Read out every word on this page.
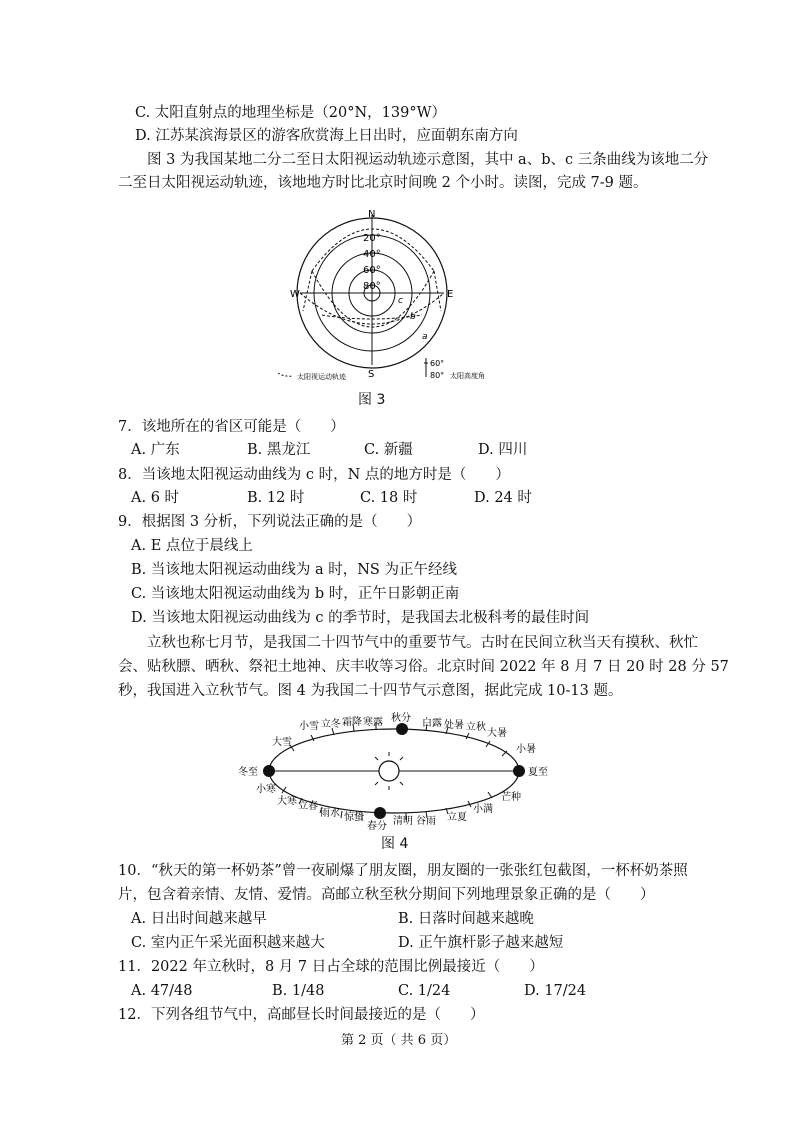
C. 太阳直射点的地理坐标是（20°N，139°W）
D. 江苏某滨海景区的游客欣赏海上日出时，应面朝东南方向
图 3 为我国某地二分二至日太阳视运动轨迹示意图，其中 a、b、c 三条曲线为该地二分
二至日太阳视运动轨迹，该地地方时比北京时间晚 2 个小时。读图，完成 7-9 题。
N
S
W	E
20°
40°
60°
80°
a
b
c
太阳视运动轨迹
60°
80° 太阳高度角
图 3
7．该地所在的省区可能是（　　）
A. 广东	B. 黑龙江	C. 新疆	D. 四川
8．当该地太阳视运动曲线为 c 时，N 点的地方时是（　　）
A. 6 时	B. 12 时	C. 18 时	D. 24 时
9．根据图 3 分析，下列说法正确的是（　　）
A. E 点位于晨线上
B. 当该地太阳视运动曲线为 a 时，NS 为正午经线
C. 当该地太阳视运动曲线为 b 时，正午日影朝正南
D. 当该地太阳视运动曲线为 c 的季节时，是我国去北极科考的最佳时间
立秋也称七月节，是我国二十四节气中的重要节气。古时在民间立秋当天有摸秋、秋忙
会、贴秋膘、晒秋、祭祀土地神、庆丰收等习俗。北京时间 2022 年 8 月 7 日 20 时 28 分 57
秒，我国进入立秋节气。图 4 为我国二十四节气示意图，据此完成 10-13 题。
冬至	夏至
大雪
小雪 立冬 霜降 寒露 秋分 白露 处暑 立秋
大暑
小暑
小寒
大寒 立春
雨水 惊蛰
春分 清明 谷雨 立夏
小满
芒种
图 4
10．“秋天的第一杯奶茶”曾一夜刷爆了朋友圈，朋友圈的一张张红包截图，一杯杯奶茶照
片，包含着亲情、友情、爱情。高邮立秋至秋分期间下列地理景象正确的是（　　）
A. 日出时间越来越早	B. 日落时间越来越晚
C. 室内正午采光面积越来越大	D. 正午旗杆影子越来越短
11．2022 年立秋时，8 月 7 日占全球的范围比例最接近（　　）
A. 47/48	B. 1/48	C. 1/24	D. 17/24
12．下列各组节气中，高邮昼长时间最接近的是（　　）
第 2 页（ 共 6 页）
